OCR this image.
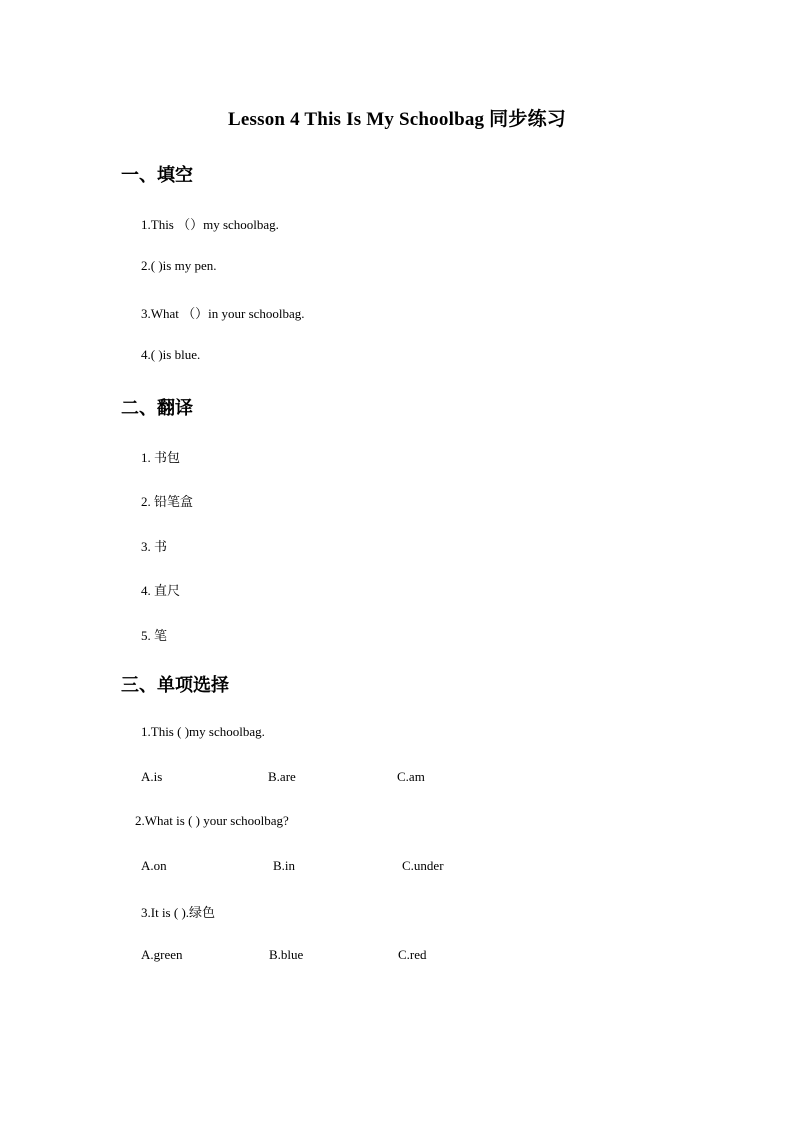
Lesson 4 This Is My Schoolbag 同步练习
一、填空
1.This （）my schoolbag.
2.( )is my pen.
3.What （）in your schoolbag.
4.( )is blue.
二、翻译
1. 书包
2. 铅笔盒
3. 书
4. 直尺
5. 笔
三、单项选择
1.This ( )my schoolbag.
A.is	B.are	C.am
2.What is ( ) your schoolbag?
A.on	B.in	C.under
3.It is ( ).绿色
A.green	B.blue	C.red
